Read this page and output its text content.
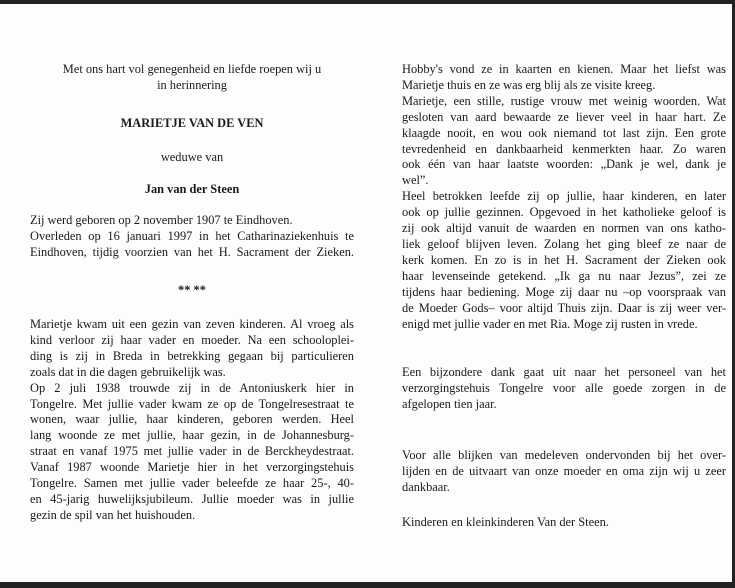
Met ons hart vol genegenheid en liefde roepen wij u

in herinnering

MARIETJE VAN DE VEN

weduwe van

Jan van der Steen

Zij werd geboren op 2 november 1907 te Eindhoven.
Overleden op 16 januari 1997 in het Catharinaziekenhuis te
Eindhoven, tijdig voorzien van het H. Sacrament der Zieken.

** **

Marietje kwam uit een gezin van zeven kinderen. Al vroeg als
kind verloor zij haar vader en moeder. Na een schooloplei-
ding is zij in Breda in betrekking gegaan bij particulieren
zoals dat in die dagen gebruikelijk was.
Op 2 juli 1938 trouwde zij in de Antoniuskerk hier in
Tongelre. Met jullie vader kwam ze op de Tongelresestraat te
wonen, waar jullie, haar kinderen, geboren werden. Heel
lang woonde ze met jullie, haar gezin, in de Johannesburg-
straat en vanaf 1975 met jullie vader in de Berckheydestraat.
Vanaf 1987 woonde Marietje hier in het verzorgingstehuis
Tongelre. Samen met jullie vader beleefde ze haar 25-, 40-
en 45-jarig huwelijksjubileum. Jullie moeder was in jullie
gezin de spil van het huishouden.
Hobby's vond ze in kaarten en kienen. Maar het liefst was
Marietje thuis en ze was erg blij als ze visite kreeg.
Marietje, een stille, rustige vrouw met weinig woorden. Wat
gesloten van aard bewaarde ze liever veel in haar hart. Ze
klaagde nooit, en wou ook niemand tot last zijn. Een grote
tevredenheid en dankbaarheid kenmerkten haar. Zo waren
ook één van haar laatste woorden: „Dank je wel, dank je
wel”.
Heel betrokken leefde zij op jullie, haar kinderen, en later
ook op jullie gezinnen. Opgevoed in het katholieke geloof is
zij ook altijd vanuit de waarden en normen van ons katho-
liek geloof blijven leven. Zolang het ging bleef ze naar de
kerk komen. En zo is in het H. Sacrament der Zieken ook
haar levenseinde getekend. „Ik ga nu naar Jezus”, zei ze
tijdens haar bediening. Moge zij daar nu –op voorspraak van
de Moeder Gods– voor altijd Thuis zijn. Daar is zij weer ver-
enigd met jullie vader en met Ria. Moge zij rusten in vrede.
Een bijzondere dank gaat uit naar het personeel van het
verzorgingstehuis Tongelre voor alle goede zorgen in de
afgelopen tien jaar.
Voor alle blijken van medeleven ondervonden bij het over-
lijden en de uitvaart van onze moeder en oma zijn wij u zeer
dankbaar.

Kinderen en kleinkinderen Van der Steen.
